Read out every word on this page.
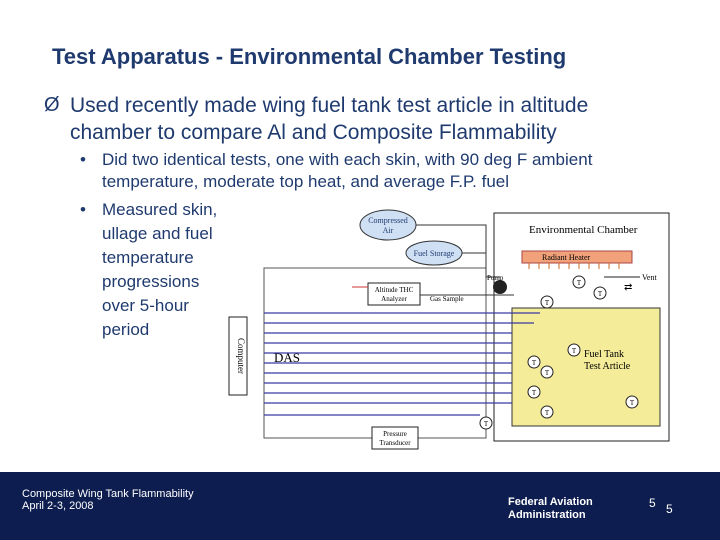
Test Apparatus - Environmental Chamber Testing
Ø Used recently made wing fuel tank test article in altitude chamber to compare Al and Composite Flammability
• Did two identical tests, one with each skin, with 90 deg F ambient temperature, moderate top heat, and average F.P. fuel
• Measured skin,
ullage and fuel
temperature
progressions
over 5-hour
period
Computer DAS
Environmental Chamber
Fuel Tank
Test Article
Radiant Heater
Vent
⇄
Compressed
Air
Fuel Storage
Pump
Altitude THC
Analyzer	Gas Sample
Pressure
Transducer
T
T
T
T
T
T
T
T
T
T
Composite Wing Tank Flammability
April 2-3, 2008	Federal Aviation
Administration
5 5
